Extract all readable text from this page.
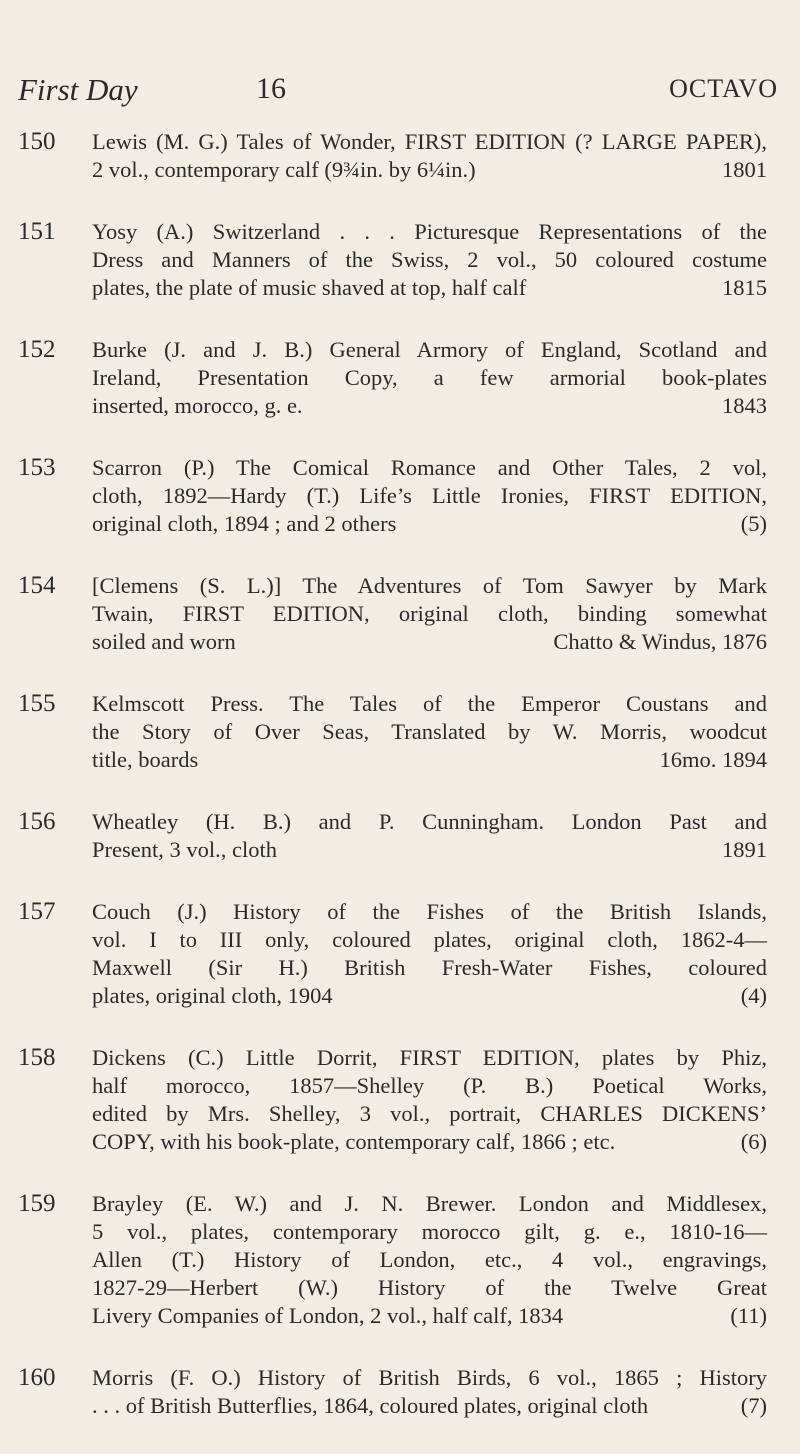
First Day	16	OCTAVO
150	Lewis (M. G.) Tales of Wonder, FIRST EDITION (? LARGE PAPER),
2 vol., contemporary calf (9¾in. by 6¼in.)	1801
151	Yosy (A.) Switzerland . . . Picturesque Representations of the
Dress and Manners of the Swiss, 2 vol., 50 coloured costume
plates, the plate of music shaved at top, half calf	1815
152	Burke (J. and J. B.) General Armory of England, Scotland and
Ireland, Presentation Copy, a few armorial book-plates
inserted, morocco, g. e.	1843
153	Scarron (P.) The Comical Romance and Other Tales, 2 vol,
cloth, 1892—Hardy (T.) Life’s Little Ironies, FIRST EDITION,
original cloth, 1894 ; and 2 others	(5)
154	[Clemens (S. L.)] The Adventures of Tom Sawyer by Mark
Twain, FIRST EDITION, original cloth, binding somewhat
soiled and worn	Chatto & Windus, 1876
155	Kelmscott Press. The Tales of the Emperor Coustans and
the Story of Over Seas, Translated by W. Morris, woodcut
title, boards	16mo. 1894
156	Wheatley (H. B.) and P. Cunningham. London Past and
Present, 3 vol., cloth	1891
157	Couch (J.) History of the Fishes of the British Islands,
vol. I to III only, coloured plates, original cloth, 1862-4—
Maxwell (Sir H.) British Fresh-Water Fishes, coloured
plates, original cloth, 1904	(4)
158	Dickens (C.) Little Dorrit, FIRST EDITION, plates by Phiz,
half morocco, 1857—Shelley (P. B.) Poetical Works,
edited by Mrs. Shelley, 3 vol., portrait, CHARLES DICKENS’
COPY, with his book-plate, contemporary calf, 1866 ; etc.	(6)
159	Brayley (E. W.) and J. N. Brewer. London and Middlesex,
5 vol., plates, contemporary morocco gilt, g. e., 1810-16—
Allen (T.) History of London, etc., 4 vol., engravings,
1827-29—Herbert (W.) History of the Twelve Great
Livery Companies of London, 2 vol., half calf, 1834	(11)
160	Morris (F. O.) History of British Birds, 6 vol., 1865 ; History
. . . of British Butterflies, 1864, coloured plates, original cloth	(7)
